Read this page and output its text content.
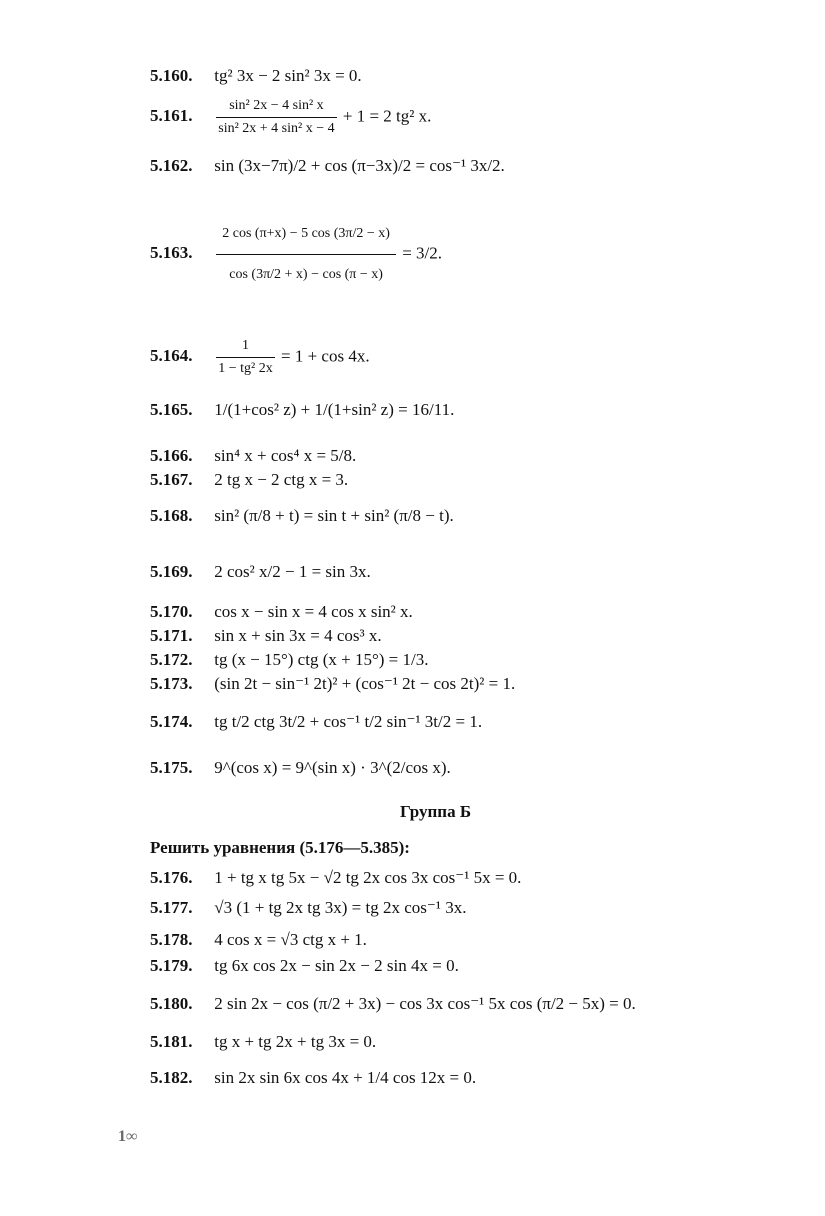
5.160. tg² 3x − 2 sin² 3x = 0.
5.161. $\frac{\text{sin² 2x − 4 sin² x}}{\text{sin² 2x + 4 sin² x − 4}} + 1 = 2$ tg² x.
5.162. sin (3x−7π)/2 + cos (π−3x)/2 = cos⁻¹ 3x/2.
5.163. $\frac{2 \cos (\pi+x) - 5 \cos (3\pi/2 - x)}{\cos (3\pi/2 + x) - \cos (\pi - x)} = 3/2$.
5.164. $\frac{1}{\text{1 − tg² 2x}} = 1 + \cos 4x$.
5.165. 1/(1+cos² z) + 1/(1+sin² z) = 16/11.
5.166. sin⁴ x + cos⁴ x = 5/8.
5.167. 2 tg x − 2 ctg x = 3.
5.168. sin² (π/8 + t) = sin t + sin² (π/8 − t).
5.169. 2 cos² x/2 − 1 = sin 3x.
5.170. cos x − sin x = 4 cos x sin² x.
5.171. sin x + sin 3x = 4 cos³ x.
5.172. tg (x − 15°) ctg (x + 15°) = 1/3.
5.173. (sin 2t − sin⁻¹ 2t)² + (cos⁻¹ 2t − cos 2t)² = 1.
5.174. tg t/2 ctg 3t/2 + cos⁻¹ t/2 sin⁻¹ 3t/2 = 1.
5.175. 9^(cos x) = 9^(sin x) · 3^(2/cos x).
Группа Б
Решить уравнения (5.176—5.385):
5.176. 1 + tg x tg 5x − √2 tg 2x cos 3x cos⁻¹ 5x = 0.
5.177. √3 (1 + tg 2x tg 3x) = tg 2x cos⁻¹ 3x.
5.178. 4 cos x = √3 ctg x + 1.
5.179. tg 6x cos 2x − sin 2x − 2 sin 4x = 0.
5.180. 2 sin 2x − cos (π/2 + 3x) − cos 3x cos⁻¹ 5x cos (π/2 − 5x) = 0.
5.181. tg x + tg 2x + tg 3x = 0.
5.182. sin 2x sin 6x cos 4x + 1/4 cos 12x = 0.
1∞
